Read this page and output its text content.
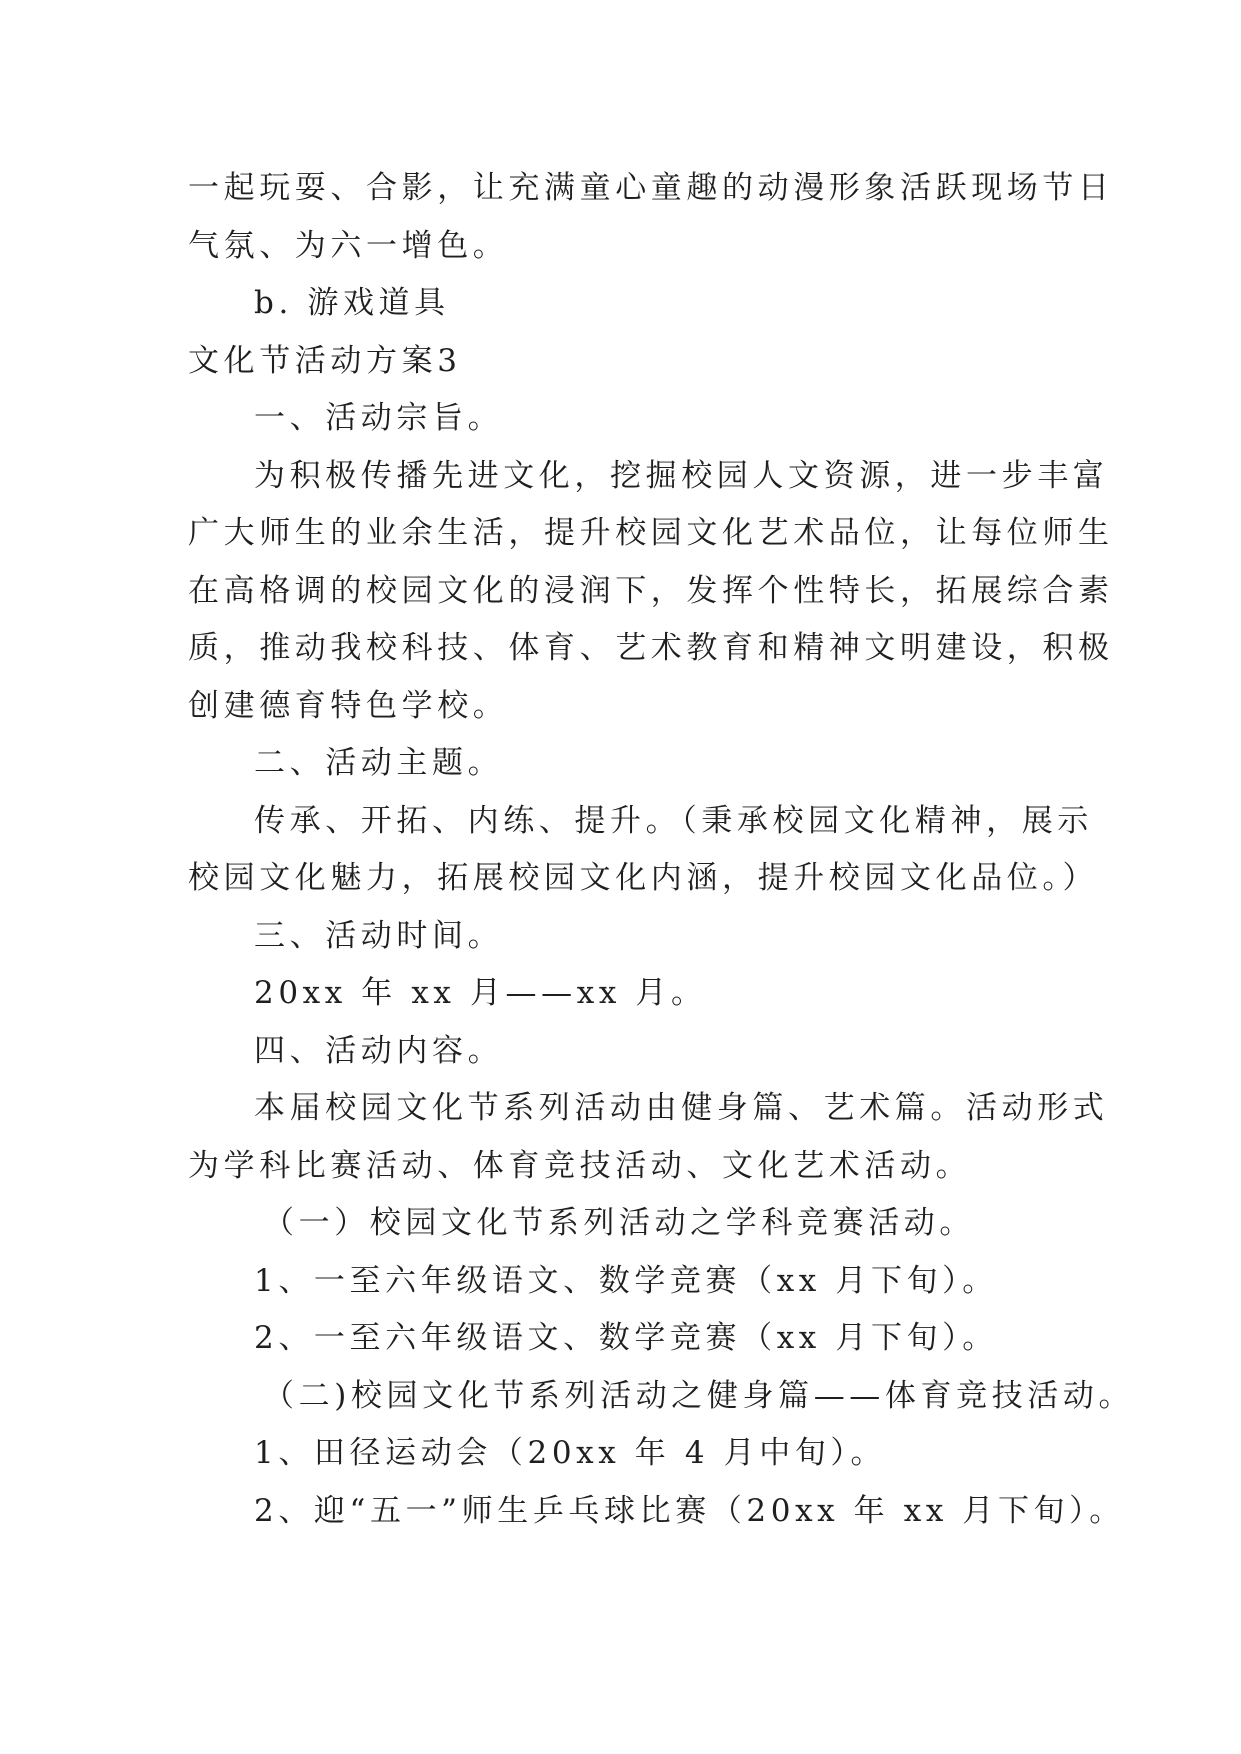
一起玩耍、合影，让充满童心童趣的动漫形象活跃现场节日
气氛、为六一增色。
b. 游戏道具
文化节活动方案3
一、活动宗旨。
为积极传播先进文化，挖掘校园人文资源，进一步丰富
广大师生的业余生活，提升校园文化艺术品位，让每位师生
在高格调的校园文化的浸润下，发挥个性特长，拓展综合素
质，推动我校科技、体育、艺术教育和精神文明建设，积极
创建德育特色学校。
二、活动主题。
传承、开拓、内练、提升。（秉承校园文化精神，展示
校园文化魅力，拓展校园文化内涵，提升校园文化品位。）
三、活动时间。
20xx 年 xx 月——xx 月。
四、活动内容。
本届校园文化节系列活动由健身篇、艺术篇。活动形式
为学科比赛活动、体育竞技活动、文化艺术活动。
（一）校园文化节系列活动之学科竞赛活动。
1、一至六年级语文、数学竞赛（xx 月下旬）。
2、一至六年级语文、数学竞赛（xx 月下旬）。
（二)校园文化节系列活动之健身篇——体育竞技活动。
1、田径运动会（20xx 年 4 月中旬）。
2、迎“五一”师生乒乓球比赛（20xx 年 xx 月下旬）。
